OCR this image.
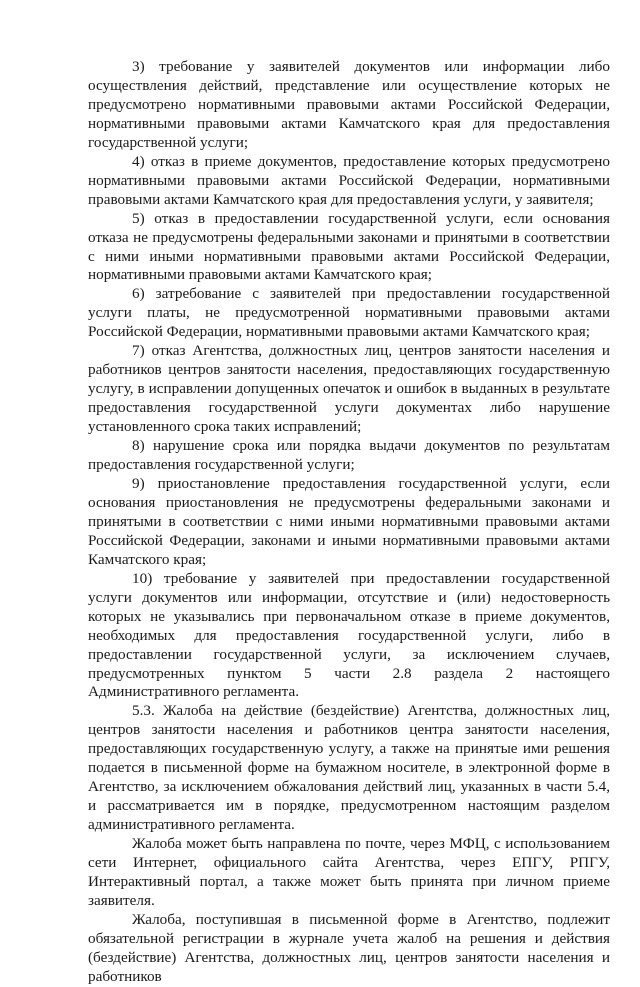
3) требование у заявителей документов или информации либо осуществления действий, представление или осуществление которых не предусмотрено нормативными правовыми актами Российской Федерации, нормативными правовыми актами Камчатского края для предоставления государственной услуги;

4) отказ в приеме документов, предоставление которых предусмотрено нормативными правовыми актами Российской Федерации, нормативными правовыми актами Камчатского края для предоставления услуги, у заявителя;

5) отказ в предоставлении государственной услуги, если основания отказа не предусмотрены федеральными законами и принятыми в соответствии с ними иными нормативными правовыми актами Российской Федерации, нормативными правовыми актами Камчатского края;

6) затребование с заявителей при предоставлении государственной услуги платы, не предусмотренной нормативными правовыми актами Российской Федерации, нормативными правовыми актами Камчатского края;

7) отказ Агентства, должностных лиц, центров занятости населения и работников центров занятости населения, предоставляющих государственную услугу, в исправлении допущенных опечаток и ошибок в выданных в результате предоставления государственной услуги документах либо нарушение установленного срока таких исправлений;

8) нарушение срока или порядка выдачи документов по результатам предоставления государственной услуги;

9) приостановление предоставления государственной услуги, если основания приостановления не предусмотрены федеральными законами и принятыми в соответствии с ними иными нормативными правовыми актами Российской Федерации, законами и иными нормативными правовыми актами Камчатского края;

10) требование у заявителей при предоставлении государственной услуги документов или информации, отсутствие и (или) недостоверность которых не указывались при первоначальном отказе в приеме документов, необходимых для предоставления государственной услуги, либо в предоставлении государственной услуги, за исключением случаев, предусмотренных пунктом 5 части 2.8 раздела 2 настоящего Административного регламента.

5.3. Жалоба на действие (бездействие) Агентства, должностных лиц, центров занятости населения и работников центра занятости населения, предоставляющих государственную услугу, а также на принятые ими решения подается в письменной форме на бумажном носителе, в электронной форме в Агентство, за исключением обжалования действий лиц, указанных в части 5.4, и рассматривается им в порядке, предусмотренном настоящим разделом административного регламента.

Жалоба может быть направлена по почте, через МФЦ, с использованием сети Интернет, официального сайта Агентства, через ЕПГУ, РПГУ, Интерактивный портал, а также может быть принята при личном приеме заявителя.

Жалоба, поступившая в письменной форме в Агентство, подлежит обязательной регистрации в журнале учета жалоб на решения и действия (бездействие) Агентства, должностных лиц, центров занятости населения и работников
